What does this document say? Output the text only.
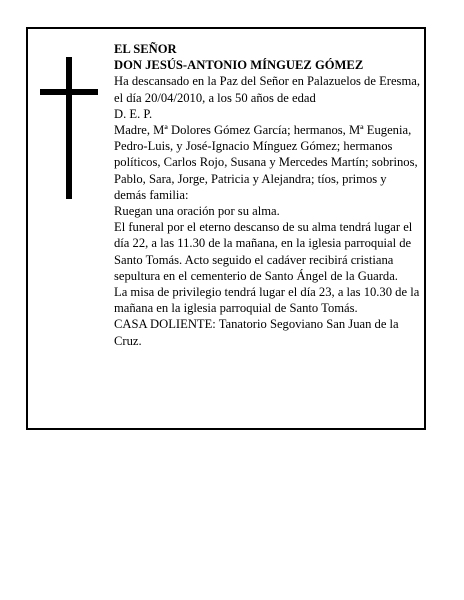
EL SEÑOR

DON JESÚS-ANTONIO MÍNGUEZ GÓMEZ

Ha descansado en la Paz del Señor en Palazuelos de Eresma, el día 20/04/2010, a los 50 años de edad

D. E. P.

Madre, Mª Dolores Gómez García; hermanos, Mª Eugenia, Pedro-Luis, y José-Ignacio Mínguez Gómez; hermanos políticos, Carlos Rojo, Susana y Mercedes Martín; sobrinos, Pablo, Sara, Jorge, Patricia y Alejandra; tíos, primos y demás familia:

Ruegan una oración por su alma.

El funeral por el eterno descanso de su alma tendrá lugar el día 22, a las 11.30 de la mañana, en la iglesia parroquial de Santo Tomás. Acto seguido el cadáver recibirá cristiana sepultura en el cementerio de Santo Ángel de la Guarda.

La misa de privilegio tendrá lugar el día 23, a las 10.30 de la mañana en la iglesia parroquial de Santo Tomás.

CASA DOLIENTE: Tanatorio Segoviano San Juan de la Cruz.
